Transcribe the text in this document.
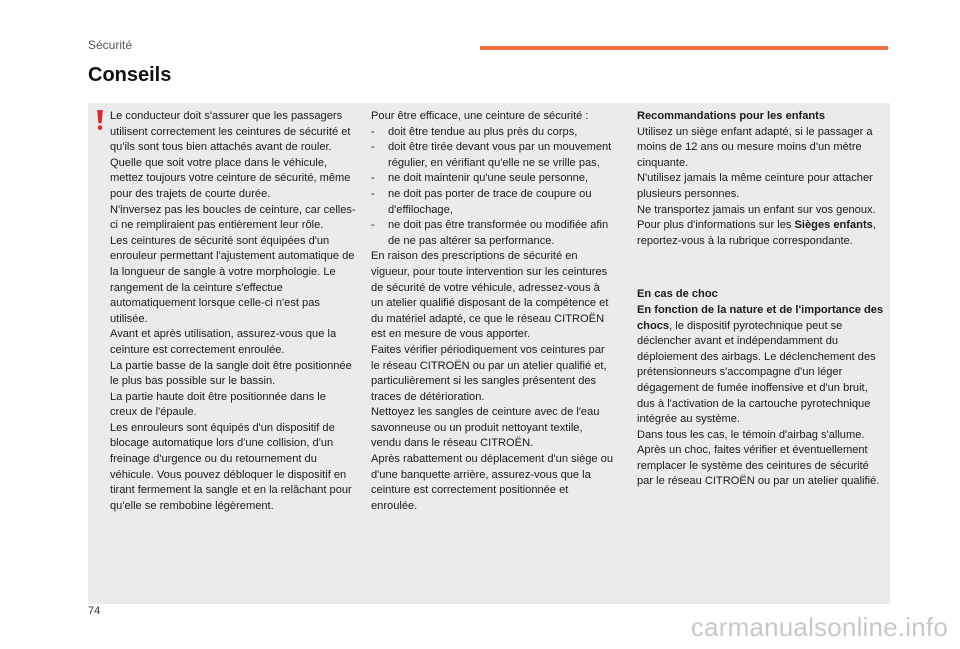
Sécurité
Conseils

Le conducteur doit s'assurer que les passagers utilisent correctement les ceintures de sécurité et qu'ils sont tous bien attachés avant de rouler.
Quelle que soit votre place dans le véhicule, mettez toujours votre ceinture de sécurité, même pour des trajets de courte durée.
N'inversez pas les boucles de ceinture, car celles-ci ne rempliraient pas entièrement leur rôle.
Les ceintures de sécurité sont équipées d'un enrouleur permettant l'ajustement automatique de la longueur de sangle à votre morphologie. Le rangement de la ceinture s'effectue automatiquement lorsque celle-ci n'est pas utilisée.
Avant et après utilisation, assurez-vous que la ceinture est correctement enroulée.
La partie basse de la sangle doit être positionnée le plus bas possible sur le bassin.
La partie haute doit être positionnée dans le creux de l'épaule.
Les enrouleurs sont équipés d'un dispositif de blocage automatique lors d'une collision, d'un freinage d'urgence ou du retournement du véhicule. Vous pouvez débloquer le dispositif en tirant fermement la sangle et en la relâchant pour qu'elle se rembobine légèrement.

Pour être efficace, une ceinture de sécurité :

- doit être tendue au plus près du corps,
- doit être tirée devant vous par un mouvement régulier, en vérifiant qu'elle ne se vrille pas,
- ne doit maintenir qu'une seule personne,
- ne doit pas porter de trace de coupure ou d'effilochage,
- ne doit pas être transformée ou modifiée afin de ne pas altérer sa performance.

En raison des prescriptions de sécurité en vigueur, pour toute intervention sur les ceintures de sécurité de votre véhicule, adressez-vous à un atelier qualifié disposant de la compétence et du matériel adapté, ce que le réseau CITROËN est en mesure de vous apporter.

Faites vérifier périodiquement vos ceintures par le réseau CITROËN ou par un atelier qualifié et, particulièrement si les sangles présentent des traces de détérioration.

Nettoyez les sangles de ceinture avec de l'eau savonneuse ou un produit nettoyant textile, vendu dans le réseau CITROËN.

Après rabattement ou déplacement d'un siège ou d'une banquette arrière, assurez-vous que la ceinture est correctement positionnée et enroulée.

Recommandations pour les enfants

Utilisez un siège enfant adapté, si le passager a moins de 12 ans ou mesure moins d'un mètre cinquante.

N'utilisez jamais la même ceinture pour attacher plusieurs personnes.

Ne transportez jamais un enfant sur vos genoux.

Pour plus d'informations sur les Sièges enfants, reportez-vous à la rubrique correspondante.

En cas de choc

En fonction de la nature et de l'importance des chocs, le dispositif pyrotechnique peut se déclencher avant et indépendamment du déploiement des airbags. Le déclenchement des prétensionneurs s'accompagne d'un léger dégagement de fumée inoffensive et d'un bruit, dus à l'activation de la cartouche pyrotechnique intégrée au système.

Dans tous les cas, le témoin d'airbag s'allume.

Après un choc, faites vérifier et éventuellement remplacer le système des ceintures de sécurité par le réseau CITROËN ou par un atelier qualifié.

74
carmanualsonline.info
